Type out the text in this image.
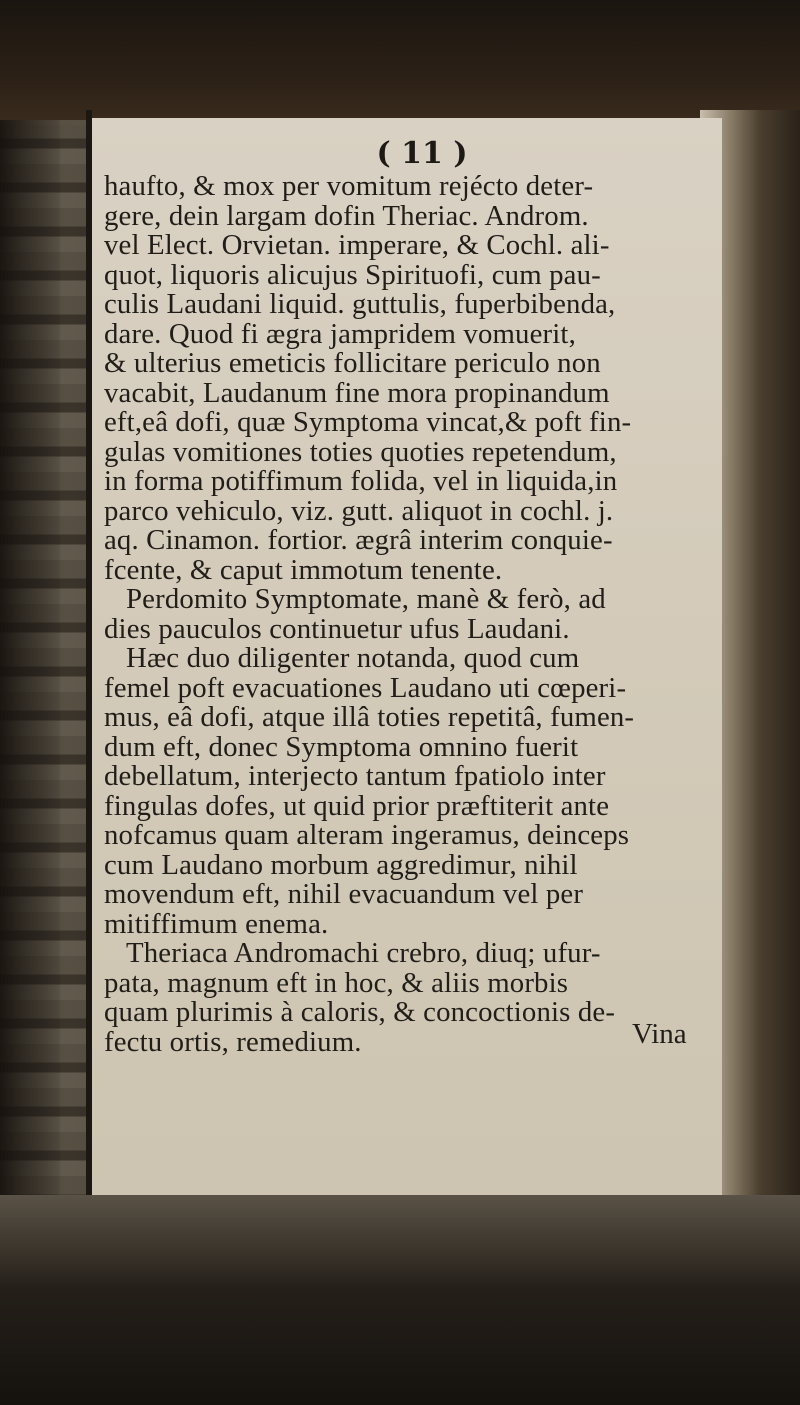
( 11 )
haufto, & mox per vomitum rejécto deter-
gere, dein largam dofin Theriac. Androm.
vel Elect. Orvietan. imperare, & Cochl. ali-
quot, liquoris alicujus Spirituofi, cum pau-
culis Laudani liquid. guttulis, fuperbibenda,
dare. Quod fi ægra jampridem vomuerit,
& ulterius emeticis follicitare periculo non
vacabit, Laudanum fine mora propinandum
eft,eâ dofi, quæ Symptoma vincat,& poft fin-
gulas vomitiones toties quoties repetendum,
in forma potiffimum folida, vel in liquida,in
parco vehiculo, viz. gutt. aliquot in cochl. j.
aq. Cinamon. fortior. ægrâ interim conquie-
fcente, & caput immotum tenente.
Perdomito Symptomate, manè & ferò, ad
dies pauculos continuetur ufus Laudani.
Hæc duo diligenter notanda, quod cum
femel poft evacuationes Laudano uti cœperi-
mus, eâ dofi, atque illâ toties repetitâ, fumen-
dum eft, donec Symptoma omnino fuerit
debellatum, interjecto tantum fpatiolo inter
fingulas dofes, ut quid prior præftiterit ante
nofcamus quam alteram ingeramus, deinceps
cum Laudano morbum aggredimur, nihil
movendum eft, nihil evacuandum vel per
mitiffimum enema.
Theriaca Andromachi crebro, diuq; ufur-
pata, magnum eft in hoc, & aliis morbis
quam plurimis à caloris, & concoctionis de-
fectu ortis, remedium.	Vina
